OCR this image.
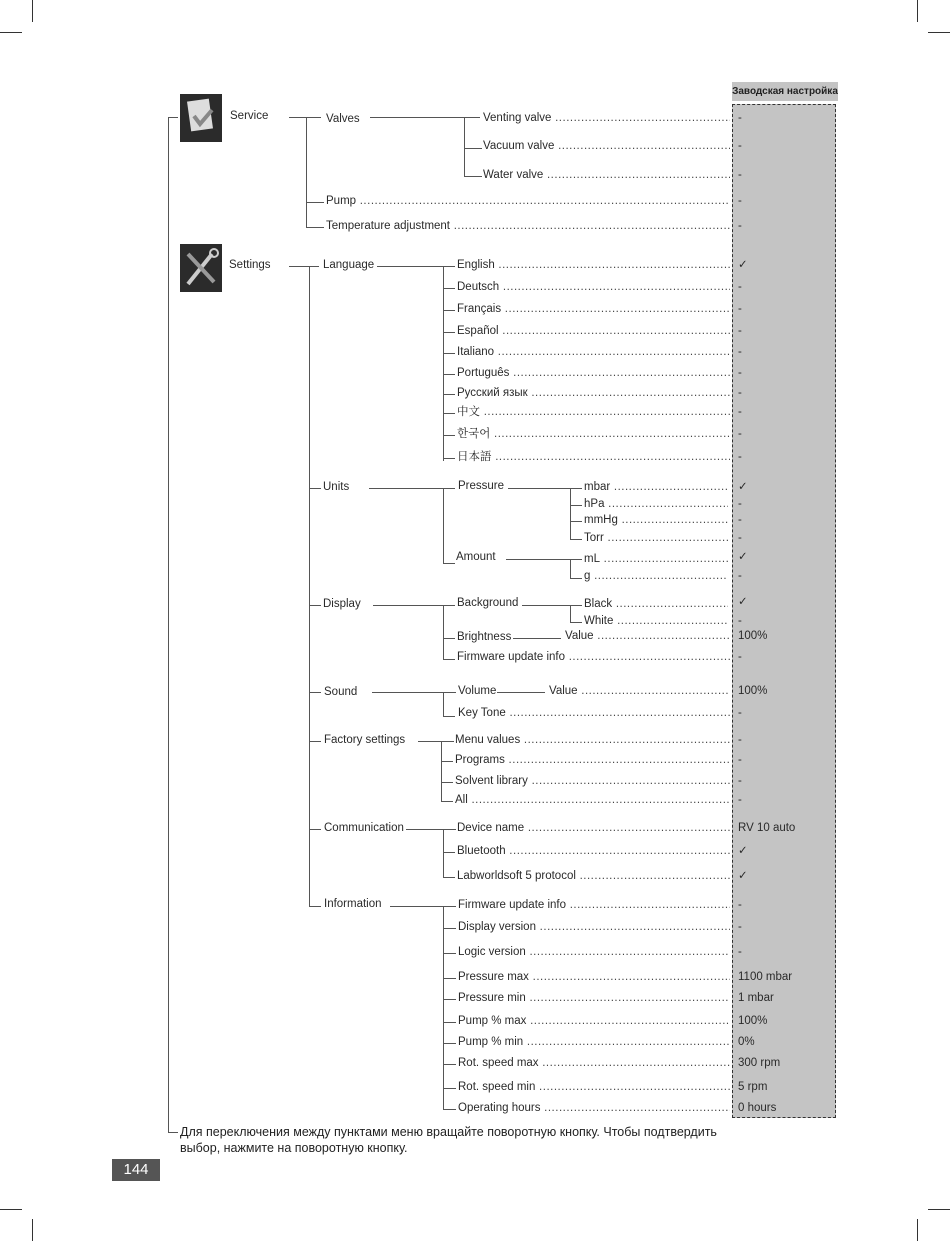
Заводская настройка
Service
Settings
Valves	Venting valve .....	-
Vacuum valve .....	-
Water valve .....	-
Pump .....	-
Temperature adjustment .....	-
Language	English .....	✓
Deutsch .....	-
Français .....	-
Español .....	-
Italiano .....	-
Português .....	-
Русский язык .....	-
中文 .....	-
한국어 .....	-
日本語 .....	-
Units	Pressure	mbar .....	✓
hPa .....	-
mmHg .....	-
Torr .....	-
Amount	mL .....	✓
g .....	-
Display	Background	Black .....	✓
White .....	-
Brightness	Value .....	100%
Firmware update info .....	-
Sound	Volume	Value .....	100%
Key Tone .....	-
Factory settings	Menu values .....	-
Programs .....	-
Solvent library .....	-
All .....	-
Communication	Device name .....	RV 10 auto
Bluetooth .....	✓
Labworldsoft 5 protocol .....	✓
Information	Firmware update info .....	-
Display version .....	-
Logic version .....	-
Pressure max .....	1100 mbar
Pressure min .....	1 mbar
Pump % max .....	100%
Pump % min .....	0%
Rot. speed max .....	300 rpm
Rot. speed min .....	5 rpm
Operating hours .....	0 hours
Для переключения между пунктами меню вращайте поворотную кнопку. Чтобы подтвердить
выбор, нажмите на поворотную кнопку.
144
